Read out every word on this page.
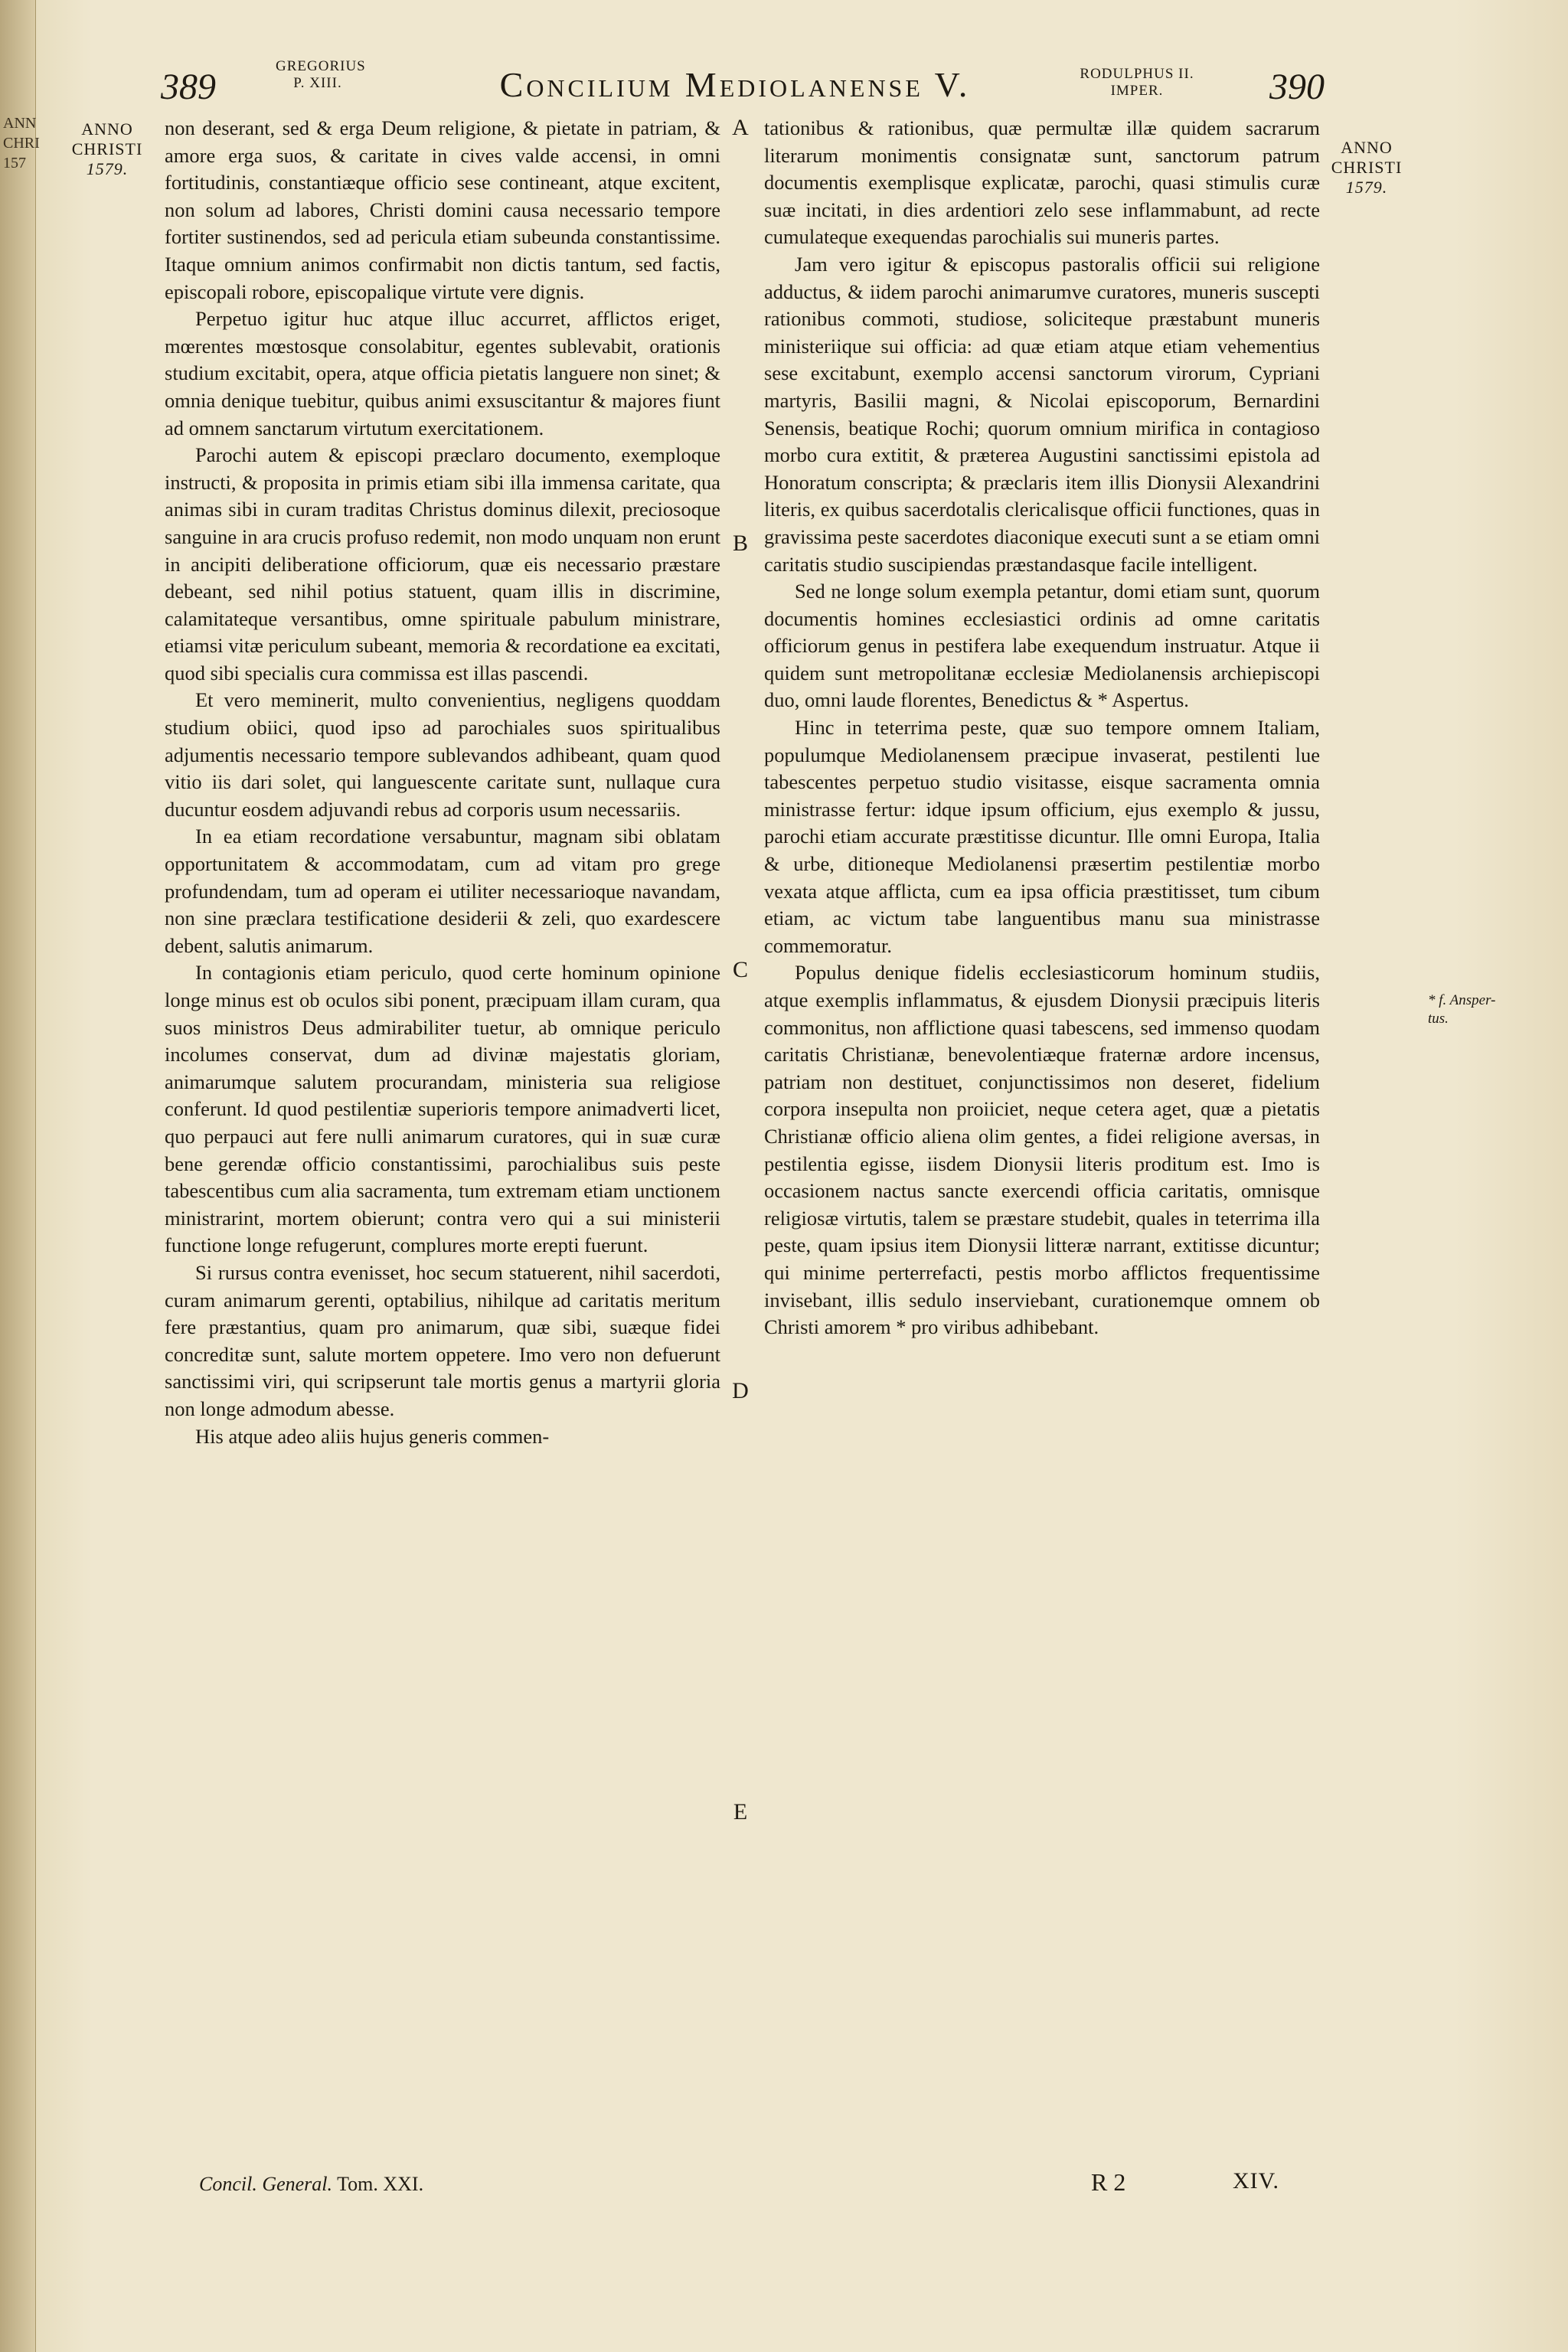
ANN
CHRI
157
389
GREGORIUS
P. XIII.	Concilium Mediolanense V.	RODULPHUS II.
IMPER.	390
ANNO
CHRISTI
1579.
ANNO
CHRISTI
1579.

non deserant, sed & erga Deum religione, & pietate in patriam, & amore erga suos, & caritate in cives valde accensi, in omni fortitudinis, constantiæque officio sese contineant, atque excitent, non solum ad labores, Christi domini causa necessario tempore fortiter sustinendos, sed ad pericula etiam subeunda constantissime. Itaque omnium animos confirmabit non dictis tantum, sed factis, episcopali robore, episcopalique virtute vere dignis.

Perpetuo igitur huc atque illuc accurret, afflictos eriget, mœrentes mœstosque consolabitur, egentes sublevabit, orationis studium excitabit, opera, atque officia pietatis languere non sinet; & omnia denique tuebitur, quibus animi exsuscitantur & majores fiunt ad omnem sanctarum virtutum exercitationem.

Parochi autem & episcopi præclaro documento, exemploque instructi, & proposita in primis etiam sibi illa immensa caritate, qua animas sibi in curam traditas Christus dominus dilexit, preciosoque sanguine in ara crucis profuso redemit, non modo unquam non erunt in ancipiti deliberatione officiorum, quæ eis necessario præstare debeant, sed nihil potius statuent, quam illis in discrimine, calamitateque versantibus, omne spirituale pabulum ministrare, etiamsi vitæ periculum subeant, memoria & recordatione ea excitati, quod sibi specialis cura commissa est illas pascendi.

Et vero meminerit, multo convenientius, negligens quoddam studium obiici, quod ipso ad parochiales suos spiritualibus adjumentis necessario tempore sublevandos adhibeant, quam quod vitio iis dari solet, qui languescente caritate sunt, nullaque cura ducuntur eosdem adjuvandi rebus ad corporis usum necessariis.

In ea etiam recordatione versabuntur, magnam sibi oblatam opportunitatem & accommodatam, cum ad vitam pro grege profundendam, tum ad operam ei utiliter necessarioque navandam, non sine præclara testificatione desiderii & zeli, quo exardescere debent, salutis animarum.

In contagionis etiam periculo, quod certe hominum opinione longe minus est ob oculos sibi ponent, præcipuam illam curam, qua suos ministros Deus admirabiliter tuetur, ab omnique periculo incolumes conservat, dum ad divinæ majestatis gloriam, animarumque salutem procurandam, ministeria sua religiose conferunt. Id quod pestilentiæ superioris tempore animadverti licet, quo perpauci aut fere nulli animarum curatores, qui in suæ curæ bene gerendæ officio constantissimi, parochialibus suis peste tabescentibus cum alia sacramenta, tum extremam etiam unctionem ministrarint, mortem obierunt; contra vero qui a sui ministerii functione longe refugerunt, complures morte erepti fuerunt.

Si rursus contra evenisset, hoc secum statuerent, nihil sacerdoti, curam animarum gerenti, optabilius, nihilque ad caritatis meritum fere præstantius, quam pro animarum, quæ sibi, suæque fidei concreditæ sunt, salute mortem oppetere. Imo vero non defuerunt sanctissimi viri, qui scripserunt tale mortis genus a martyrii gloria non longe admodum abesse.

His atque adeo aliis hujus generis commen-

A
B
C
D
E

tationibus & rationibus, quæ permultæ illæ quidem sacrarum literarum monimentis consignatæ sunt, sanctorum patrum documentis exemplisque explicatæ, parochi, quasi stimulis curæ suæ incitati, in dies ardentiori zelo sese inflammabunt, ad recte cumulateque exequendas parochialis sui muneris partes.

Jam vero igitur & episcopus pastoralis officii sui religione adductus, & iidem parochi animarumve curatores, muneris suscepti rationibus commoti, studiose, soliciteque præstabunt muneris ministeriique sui officia: ad quæ etiam atque etiam vehementius sese excitabunt, exemplo accensi sanctorum virorum, Cypriani martyris, Basilii magni, & Nicolai episcoporum, Bernardini Senensis, beatique Rochi; quorum omnium mirifica in contagioso morbo cura extitit, & præterea Augustini sanctissimi epistola ad Honoratum conscripta; & præclaris item illis Dionysii Alexandrini literis, ex quibus sacerdotalis clericalisque officii functiones, quas in gravissima peste sacerdotes diaconique executi sunt a se etiam omni caritatis studio suscipiendas præstandasque facile intelligent.

Sed ne longe solum exempla petantur, domi etiam sunt, quorum documentis homines ecclesiastici ordinis ad omne caritatis officiorum genus in pestifera labe exequendum instruatur. Atque ii quidem sunt metropolitanæ ecclesiæ Mediolanensis archiepiscopi duo, omni laude florentes, Benedictus & * Aspertus.

Hinc in teterrima peste, quæ suo tempore omnem Italiam, populumque Mediolanensem præcipue invaserat, pestilenti lue tabescentes perpetuo studio visitasse, eisque sacramenta omnia ministrasse fertur: idque ipsum officium, ejus exemplo & jussu, parochi etiam accurate præstitisse dicuntur. Ille omni Europa, Italia & urbe, ditioneque Mediolanensi præsertim pestilentiæ morbo vexata atque afflicta, cum ea ipsa officia præstitisset, tum cibum etiam, ac victum tabe languentibus manu sua ministrasse commemoratur.

Populus denique fidelis ecclesiasticorum hominum studiis, atque exemplis inflammatus, & ejusdem Dionysii præcipuis literis commonitus, non afflictione quasi tabescens, sed immenso quodam caritatis Christianæ, benevolentiæque fraternæ ardore incensus, patriam non destituet, conjunctissimos non deseret, fidelium corpora insepulta non proiiciet, neque cetera aget, quæ a pietatis Christianæ officio aliena olim gentes, a fidei religione aversas, in pestilentia egisse, iisdem Dionysii literis proditum est. Imo is occasionem nactus sancte exercendi officia caritatis, omnisque religiosæ virtutis, talem se præstare studebit, quales in teterrima illa peste, quam ipsius item Dionysii litteræ narrant, extitisse dicuntur; qui minime perterrefacti, pestis morbo afflictos frequentissime invisebant, illis sedulo inserviebant, curationemque omnem ob Christi amorem * pro viribus adhibebant.

* f. Ansper-tus.
Concil. General. Tom. XXI.	R 2	XIV.
